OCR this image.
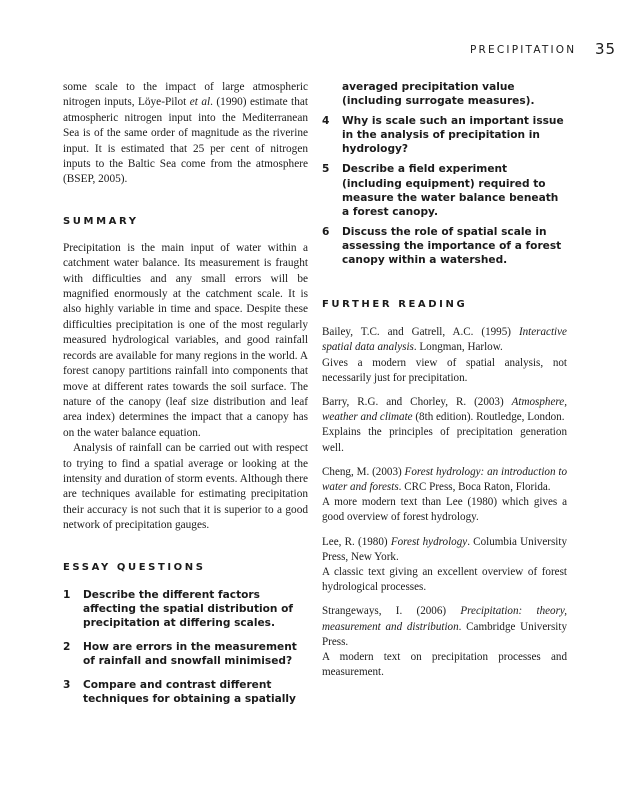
PRECIPITATION 35

some scale to the impact of large atmospheric nitrogen inputs, Löye-Pilot et al. (1990) estimate that atmospheric nitrogen input into the Mediterranean Sea is of the same order of magnitude as the riverine input. It is estimated that 25 per cent of nitrogen inputs to the Baltic Sea come from the atmosphere (BSEP, 2005).

SUMMARY

Precipitation is the main input of water within a catchment water balance. Its measurement is fraught with difficulties and any small errors will be magnified enormously at the catchment scale. It is also highly variable in time and space. Despite these difficulties precipitation is one of the most regularly measured hydrological variables, and good rainfall records are available for many regions in the world. A forest canopy partitions rainfall into components that move at different rates towards the soil surface. The nature of the canopy (leaf size distribution and leaf area index) determines the impact that a canopy has on the water balance equation.

Analysis of rainfall can be carried out with respect to trying to find a spatial average or looking at the intensity and duration of storm events. Although there are techniques available for estimating precipitation their accuracy is not such that it is superior to a good network of precipitation gauges.

ESSAY QUESTIONS
1 Describe the different factors affecting the spatial distribution of precipitation at differing scales.
2 How are errors in the measurement of rainfall and snowfall minimised?
3 Compare and contrast different techniques for obtaining a spatially
averaged precipitation value (including surrogate measures).
4 Why is scale such an important issue in the analysis of precipitation in hydrology?
5 Describe a field experiment (including equipment) required to measure the water balance beneath a forest canopy.
6 Discuss the role of spatial scale in assessing the importance of a forest canopy within a watershed.
FURTHER READING
Bailey, T.C. and Gatrell, A.C. (1995) Interactive spatial data analysis. Longman, Harlow.
Gives a modern view of spatial analysis, not necessarily just for precipitation.
Barry, R.G. and Chorley, R. (2003) Atmosphere, weather and climate (8th edition). Routledge, London.
Explains the principles of precipitation generation well.
Cheng, M. (2003) Forest hydrology: an introduction to water and forests. CRC Press, Boca Raton, Florida.
A more modern text than Lee (1980) which gives a good overview of forest hydrology.
Lee, R. (1980) Forest hydrology. Columbia University Press, New York.
A classic text giving an excellent overview of forest hydrological processes.
Strangeways, I. (2006) Precipitation: theory, measurement and distribution. Cambridge University Press.
A modern text on precipitation processes and measurement.
